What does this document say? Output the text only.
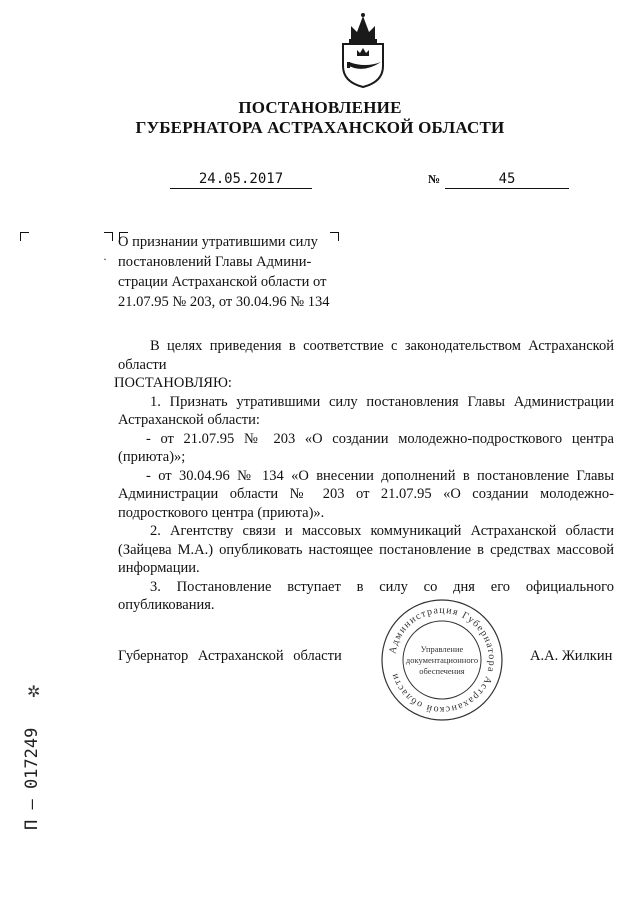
ПОСТАНОВЛЕНИЕ
ГУБЕРНАТОРА АСТРАХАНСКОЙ ОБЛАСТИ
24.05.2017	№	45
·
О признании утратившими силу
постановлений Главы Админи-
страции Астраханской области от
21.07.95 № 203, от 30.04.96 № 134

В целях приведения в соответствие с законодательством Астраханской области

ПОСТАНОВЛЯЮ:

1. Признать утратившими силу постановления Главы Администрации Астраханской области:

- от 21.07.95 № 203 «О создании молодежно-подросткового центра (приюта)»;

- от 30.04.96 № 134 «О внесении дополнений в постановление Главы Администрации области № 203 от 21.07.95 «О создании молодежно-подросткового центра (приюта)».

2. Агентству связи и массовых коммуникаций Астраханской области (Зайцева М.А.) опубликовать настоящее постановление в средствах массовой информации.

3. Постановление вступает в силу со дня его официального опубликования.

Губернатор Астраханской области	А.А. Жилкин
Администрация Губернатора Астраханской области
Управление
документационного
обеспечения
✲
П – 017249
